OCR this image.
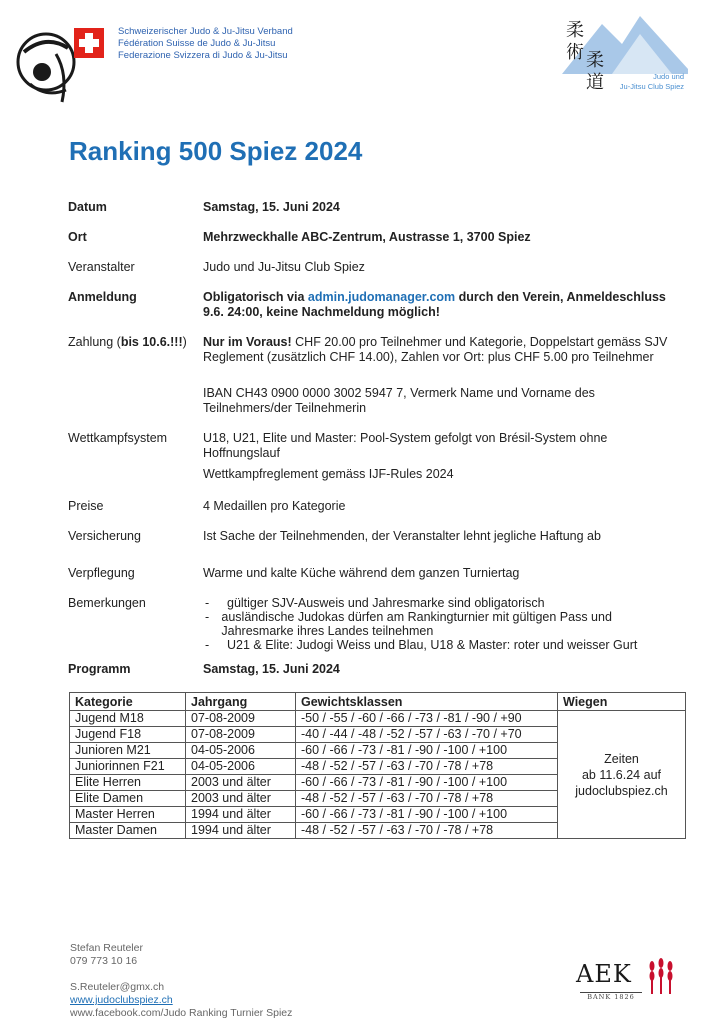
Schweizerischer Judo & Ju-Jitsu Verband
Fédération Suisse de Judo & Ju-Jitsu
Federazione Svizzera di Judo & Ju-Jitsu
柔
術 柔
道	Judo und
Ju-Jitsu Club Spiez
Ranking 500 Spiez 2024
Datum	Samstag, 15. Juni 2024
Ort	Mehrzweckhalle ABC-Zentrum, Austrasse 1, 3700 Spiez
Veranstalter	Judo und Ju-Jitsu Club Spiez
Anmeldung	Obligatorisch via admin.judomanager.com durch den Verein, Anmeldeschluss 9.6. 24:00, keine Nachmeldung möglich!
Zahlung (bis 10.6.!!!) Nur im Voraus! CHF 20.00 pro Teilnehmer und Kategorie, Doppelstart gemäss SJV Reglement (zusätzlich CHF 14.00), Zahlen vor Ort: plus CHF 5.00 pro Teilnehmer
IBAN CH43 0900 0000 3002 5947 7, Vermerk Name und Vorname des Teilnehmers/der Teilnehmerin
Wettkampfsystem	U18, U21, Elite und Master: Pool-System gefolgt von Brésil-System ohne Hoffnungslauf
Wettkampfreglement gemäss IJF-Rules 2024
Preise	4 Medaillen pro Kategorie
Versicherung	Ist Sache der Teilnehmenden, der Veranstalter lehnt jegliche Haftung ab
Verpflegung	Warme und kalte Küche während dem ganzen Turniertag
Bemerkungen	-	gültiger SJV-Ausweis und Jahresmarke sind obligatorisch
- ausländische Judokas dürfen am Rankingturnier mit gültigen Pass und Jahresmarke ihres Landes teilnehmen
-	U21 & Elite: Judogi Weiss und Blau, U18 & Master: roter und weisser Gurt
Programm	Samstag, 15. Juni 2024
Kategorie	Jahrgang	Gewichtsklassen	Wiegen
Jugend M18	07-08-2009	-50 / -55 / -60 / -66 / -73 / -81 / -90 / +90	Zeiten
ab 11.6.24 auf
judoclubspiez.ch

Jugend F18	07-08-2009	-40 / -44 / -48 / -52 / -57 / -63 / -70 / +70	
Junioren M21	04-05-2006	-60 / -66 / -73 / -81 / -90 / -100 / +100	
Juniorinnen F21	04-05-2006	-48 / -52 / -57 / -63 / -70 / -78 / +78	
Elite Herren	2003 und älter	-60 / -66 / -73 / -81 / -90 / -100 / +100	
Elite Damen	2003 und älter	-48 / -52 / -57 / -63 / -70 / -78 / +78	
Master Herren	1994 und älter	-60 / -66 / -73 / -81 / -90 / -100 / +100	
Master Damen	1994 und älter	-48 / -52 / -57 / -63 / -70 / -78 / +78	
Stefan Reuteler
079 773 10 16
S.Reuteler@gmx.ch
www.judoclubspiez.ch
www.facebook.com/Judo Ranking Turnier Spiez
AEK
BANK 1826
